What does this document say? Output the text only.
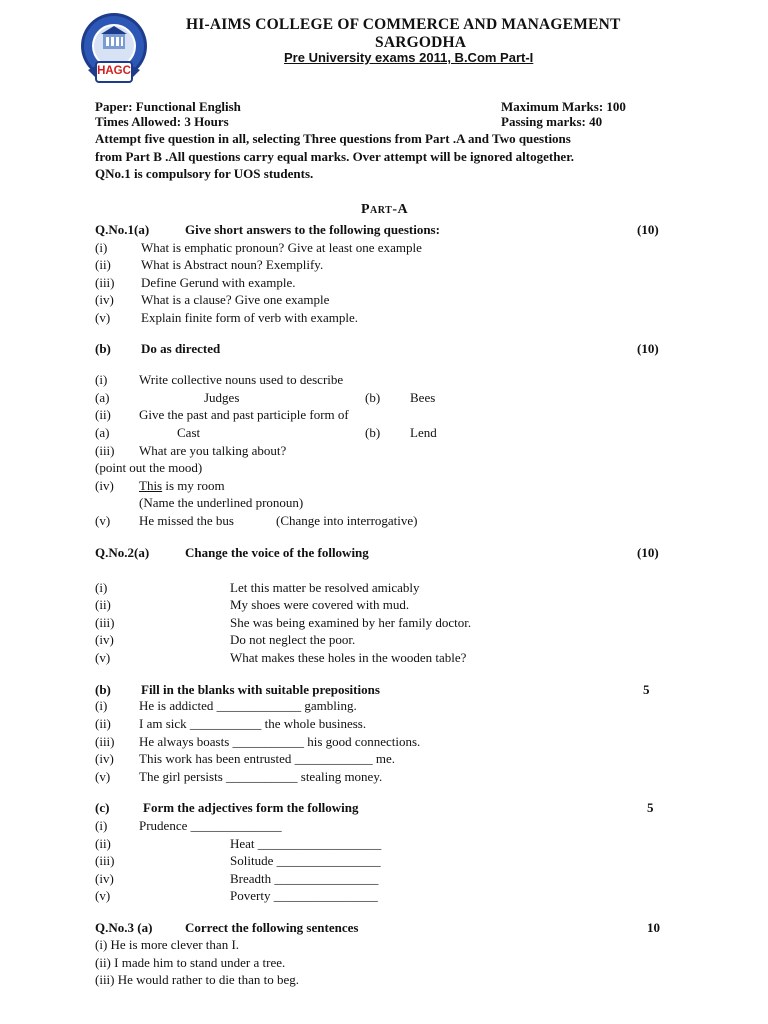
HAGC
HI-AIMS COLLEGE OF COMMERCE AND MANAGEMENT
SARGODHA
Pre University exams 2011, B.Com Part-I
Paper: Functional English	Maximum Marks: 100
Times Allowed: 3 Hours	Passing marks: 40
Attempt five question in all, selecting Three questions from Part .A and Two questions
from Part B .All questions carry equal marks. Over attempt will be ignored altogether.
QNo.1 is compulsory for UOS students.
Part-A
Q.No.1(a)	Give short answers to the following questions:	(10)
(i)	What is emphatic pronoun? Give at least one example
(ii) What is Abstract noun? Exemplify.
(iii) Define Gerund with example.
(iv) What is a clause? Give one example
(v) Explain finite form of verb with example.
(b) Do as directed	(10)
(i) Write collective nouns used to describe
(a)	Judges	(b) Bees
(ii) Give the past and past participle form of
(a)	Cast	(b) Lend
(iii) What are you talking about?
(point out the mood)
(iv) This is my room
(Name the underlined pronoun)
(v) He missed the bus	(Change into interrogative)
Q.No.2(a)	Change the voice of the following	(10)
(i)	Let this matter be resolved amicably
(ii)	My shoes were covered with mud.
(iii)	She was being examined by her family doctor.
(iv)	Do not neglect the poor.
(v)	What makes these holes in the wooden table?
(b) Fill in the blanks with suitable prepositions	5
(i) He is addicted _____________ gambling.
(ii) I am sick ___________ the whole business.
(iii) He always boasts ___________ his good connections.
(iv) This work has been entrusted ____________ me.
(v) The girl persists ___________ stealing money.
(c)	Form the adjectives form the following	5
(i) Prudence ______________
(ii)	Heat ___________________
(iii)	Solitude ________________
(iv)	Breadth ________________
(v)	Poverty ________________
Q.No.3 (a)	Correct the following sentences	10
(i) He is more clever than I.
(ii) I made him to stand under a tree.
(iii) He would rather to die than to beg.
